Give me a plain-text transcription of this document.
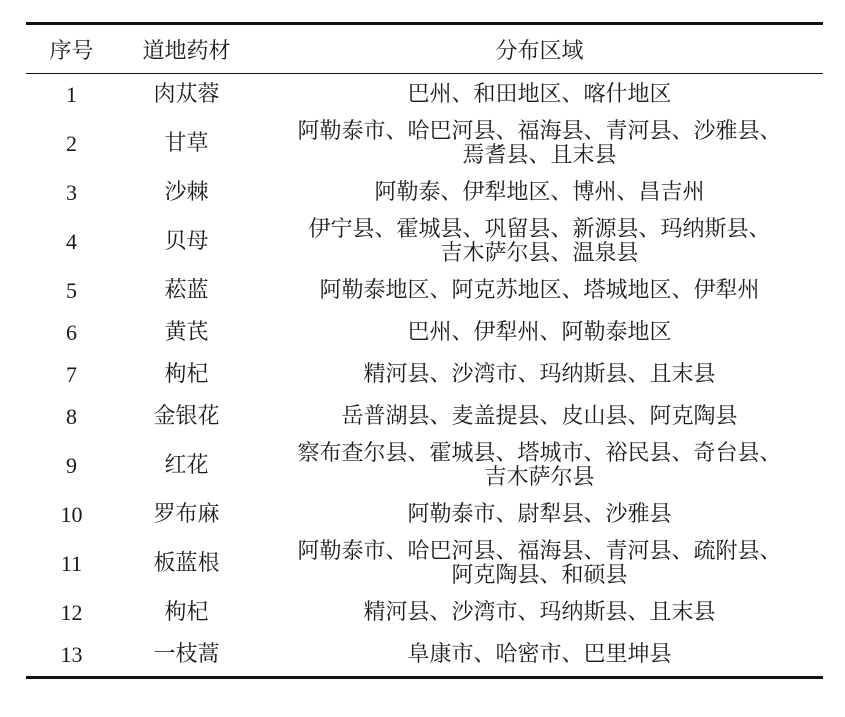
序号	道地药材	分布区域
1	肉苁蓉	巴州、和田地区、喀什地区

2	甘草	阿勒泰市、哈巴河县、福海县、青河县、沙雅县、
焉耆县、且末县

3	沙棘	阿勒泰、伊犁地区、博州、昌吉州

4	贝母	伊宁县、霍城县、巩留县、新源县、玛纳斯县、
吉木萨尔县、温泉县

5	菘蓝	阿勒泰地区、阿克苏地区、塔城地区、伊犁州

6	黄芪	巴州、伊犁州、阿勒泰地区

7	枸杞	精河县、沙湾市、玛纳斯县、且末县

8	金银花	岳普湖县、麦盖提县、皮山县、阿克陶县

9	红花	察布查尔县、霍城县、塔城市、裕民县、奇台县、
吉木萨尔县

10	罗布麻	阿勒泰市、尉犁县、沙雅县

11	板蓝根	阿勒泰市、哈巴河县、福海县、青河县、疏附县、
阿克陶县、和硕县

12	枸杞	精河县、沙湾市、玛纳斯县、且末县

13	一枝蒿	阜康市、哈密市、巴里坤县
